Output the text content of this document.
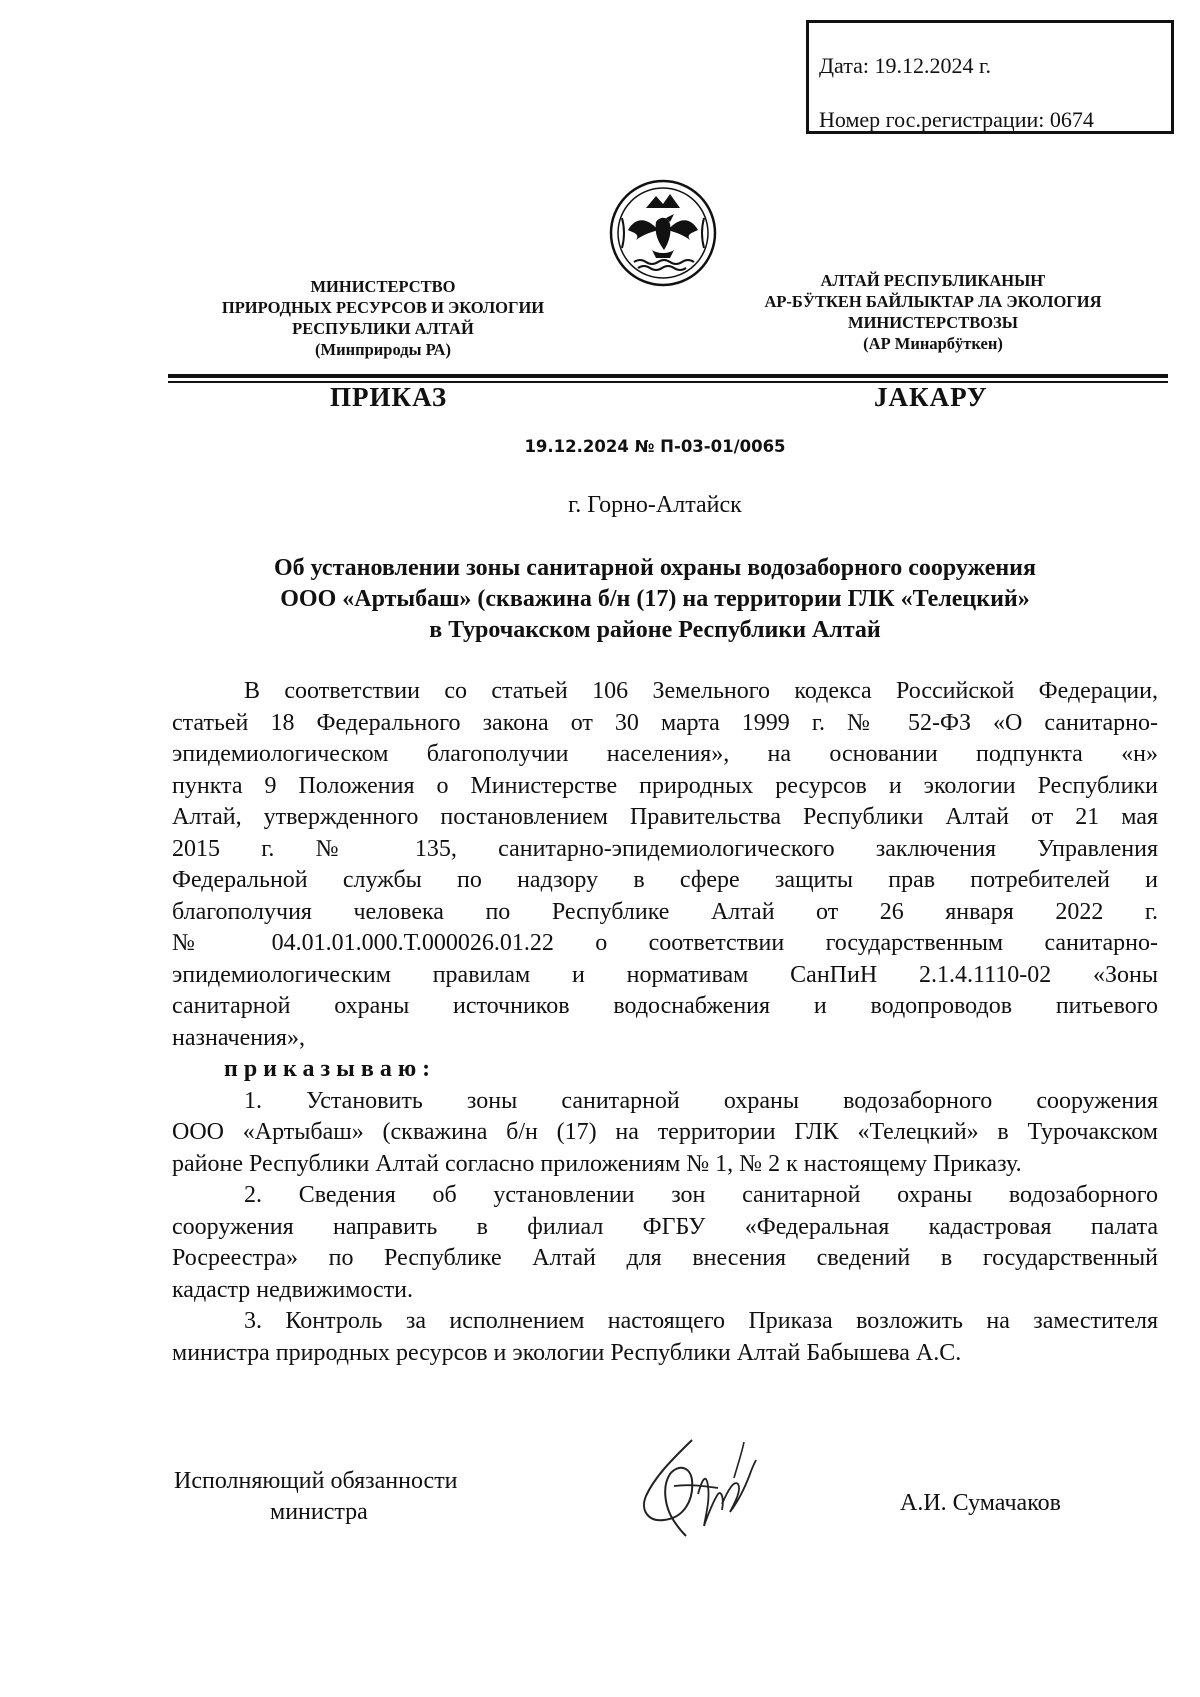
Дата: 19.12.2024 г.
Номер гос.регистрации: 0674
МИНИСТЕРСТВО
ПРИРОДНЫХ РЕСУРСОВ И ЭКОЛОГИИ
РЕСПУБЛИКИ АЛТАЙ
(Минприроды РА)
АЛТАЙ РЕСПУБЛИКАНЫҤ
АР-БӰТКЕН БАЙЛЫКТАР ЛА ЭКОЛОГИЯ
МИНИСТЕРСТВОЗЫ
(АР Минарбӱткен)
ПРИКАЗ	JАКАРУ
19.12.2024 № П-03-01/0065
г. Горно-Алтайск
Об установлении зоны санитарной охраны водозаборного сооружения
ООО «Артыбаш» (скважина б/н (17) на территории ГЛК «Телецкий»
в Турочакском районе Республики Алтай
В соответствии со статьей 106 Земельного кодекса Российской Федерации,
статьей 18 Федерального закона от 30 марта 1999 г. № 52-ФЗ «О санитарно-
эпидемиологическом благополучии населения», на основании подпункта «н»
пункта 9 Положения о Министерстве природных ресурсов и экологии Республики
Алтай, утвержденного постановлением Правительства Республики Алтай от 21 мая
2015 г. № 135, санитарно-эпидемиологического заключения Управления
Федеральной службы по надзору в сфере защиты прав потребителей и
благополучия человека по Республике Алтай от 26 января 2022 г.
№ 04.01.01.000.Т.000026.01.22 о соответствии государственным санитарно-
эпидемиологическим правилам и нормативам СанПиН 2.1.4.1110-02 «Зоны
санитарной охраны источников водоснабжения и водопроводов питьевого
назначения»,
приказываю:
1. Установить зоны санитарной охраны водозаборного сооружения
ООО «Артыбаш» (скважина б/н (17) на территории ГЛК «Телецкий» в Турочакском
районе Республики Алтай согласно приложениям № 1, № 2 к настоящему Приказу.
2. Сведения об установлении зон санитарной охраны водозаборного
сооружения направить в филиал ФГБУ «Федеральная кадастровая палата
Росреестра» по Республике Алтай для внесения сведений в государственный
кадастр недвижимости.
3. Контроль за исполнением настоящего Приказа возложить на заместителя
министра природных ресурсов и экологии Республики Алтай Бабышева А.С.
Исполняющий обязанности
министра	А.И. Сумачаков
